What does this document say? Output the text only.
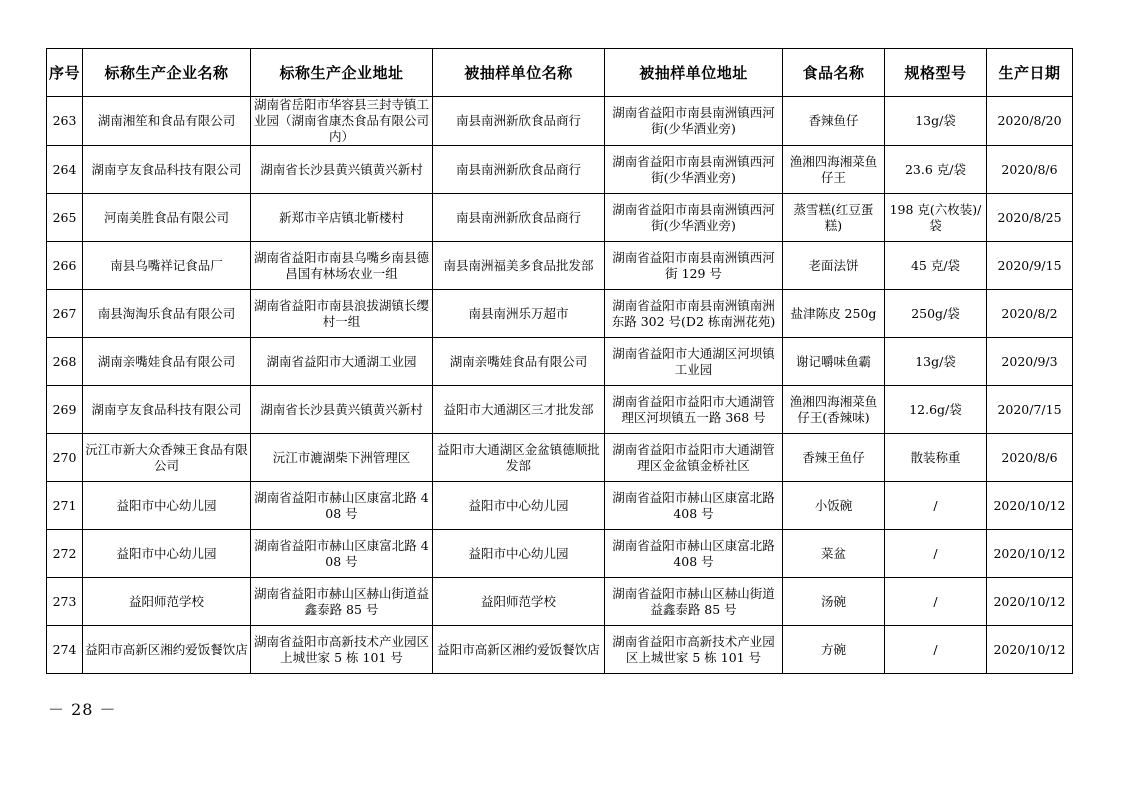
序号	标称生产企业名称	标称生产企业地址	被抽样单位名称	被抽样单位地址	食品名称	规格型号	生产日期
263	湖南湘笙和食品有限公司	湖南省岳阳市华容县三封寺镇工业园（湖南省康杰食品有限公司内）	南县南洲新欣食品商行	湖南省益阳市南县南洲镇西河街(少华酒业旁)	香辣鱼仔	13g/袋	2020/8/20
264	湖南亨友食品科技有限公司	湖南省长沙县黄兴镇黄兴新村	南县南洲新欣食品商行	湖南省益阳市南县南洲镇西河街(少华酒业旁)	渔湘四海湘菜鱼仔王	23.6 克/袋	2020/8/6
265	河南美胜食品有限公司	新郑市辛店镇北靳楼村	南县南洲新欣食品商行	湖南省益阳市南县南洲镇西河街(少华酒业旁)	蒸雪糕(红豆蛋糕)	198 克(六枚装)/袋	2020/8/25
266	南县乌嘴祥记食品厂	湖南省益阳市南县乌嘴乡南县德昌国有林场农业一组	南县南洲福美多食品批发部	湖南省益阳市南县南洲镇西河街 129 号	老面法饼	45 克/袋	2020/9/15
267	南县淘淘乐食品有限公司	湖南省益阳市南县浪拔湖镇长缨村一组	南县南洲乐万超市	湖南省益阳市南县南洲镇南洲东路 302 号(D2 栋南洲花苑)	盐津陈皮 250g	250g/袋	2020/8/2
268	湖南亲嘴娃食品有限公司	湖南省益阳市大通湖工业园	湖南亲嘴娃食品有限公司	湖南省益阳市大通湖区河坝镇工业园	谢记嚼味鱼霸	13g/袋	2020/9/3
269	湖南亨友食品科技有限公司	湖南省长沙县黄兴镇黄兴新村	益阳市大通湖区三才批发部	湖南省益阳市益阳市大通湖管理区河坝镇五一路 368 号	渔湘四海湘菜鱼仔王(香辣味)	12.6g/袋	2020/7/15
270	沅江市新大众香辣王食品有限公司	沅江市漉湖柴下洲管理区	益阳市大通湖区金盆镇德顺批发部	湖南省益阳市益阳市大通湖管理区金盆镇金桥社区	香辣王鱼仔	散装称重	2020/8/6
271	益阳市中心幼儿园	湖南省益阳市赫山区康富北路 408 号	益阳市中心幼儿园	湖南省益阳市赫山区康富北路 408 号	小饭碗	/	2020/10/12
272	益阳市中心幼儿园	湖南省益阳市赫山区康富北路 408 号	益阳市中心幼儿园	湖南省益阳市赫山区康富北路 408 号	菜盆	/	2020/10/12
273	益阳师范学校	湖南省益阳市赫山区赫山街道益鑫泰路 85 号	益阳师范学校	湖南省益阳市赫山区赫山街道益鑫泰路 85 号	汤碗	/	2020/10/12
274	益阳市高新区湘约爱饭餐饮店	湖南省益阳市高新技术产业园区上城世家 5 栋 101 号	益阳市高新区湘约爱饭餐饮店	湖南省益阳市高新技术产业园区上城世家 5 栋 101 号	方碗	/	2020/10/12
－ 28 －
